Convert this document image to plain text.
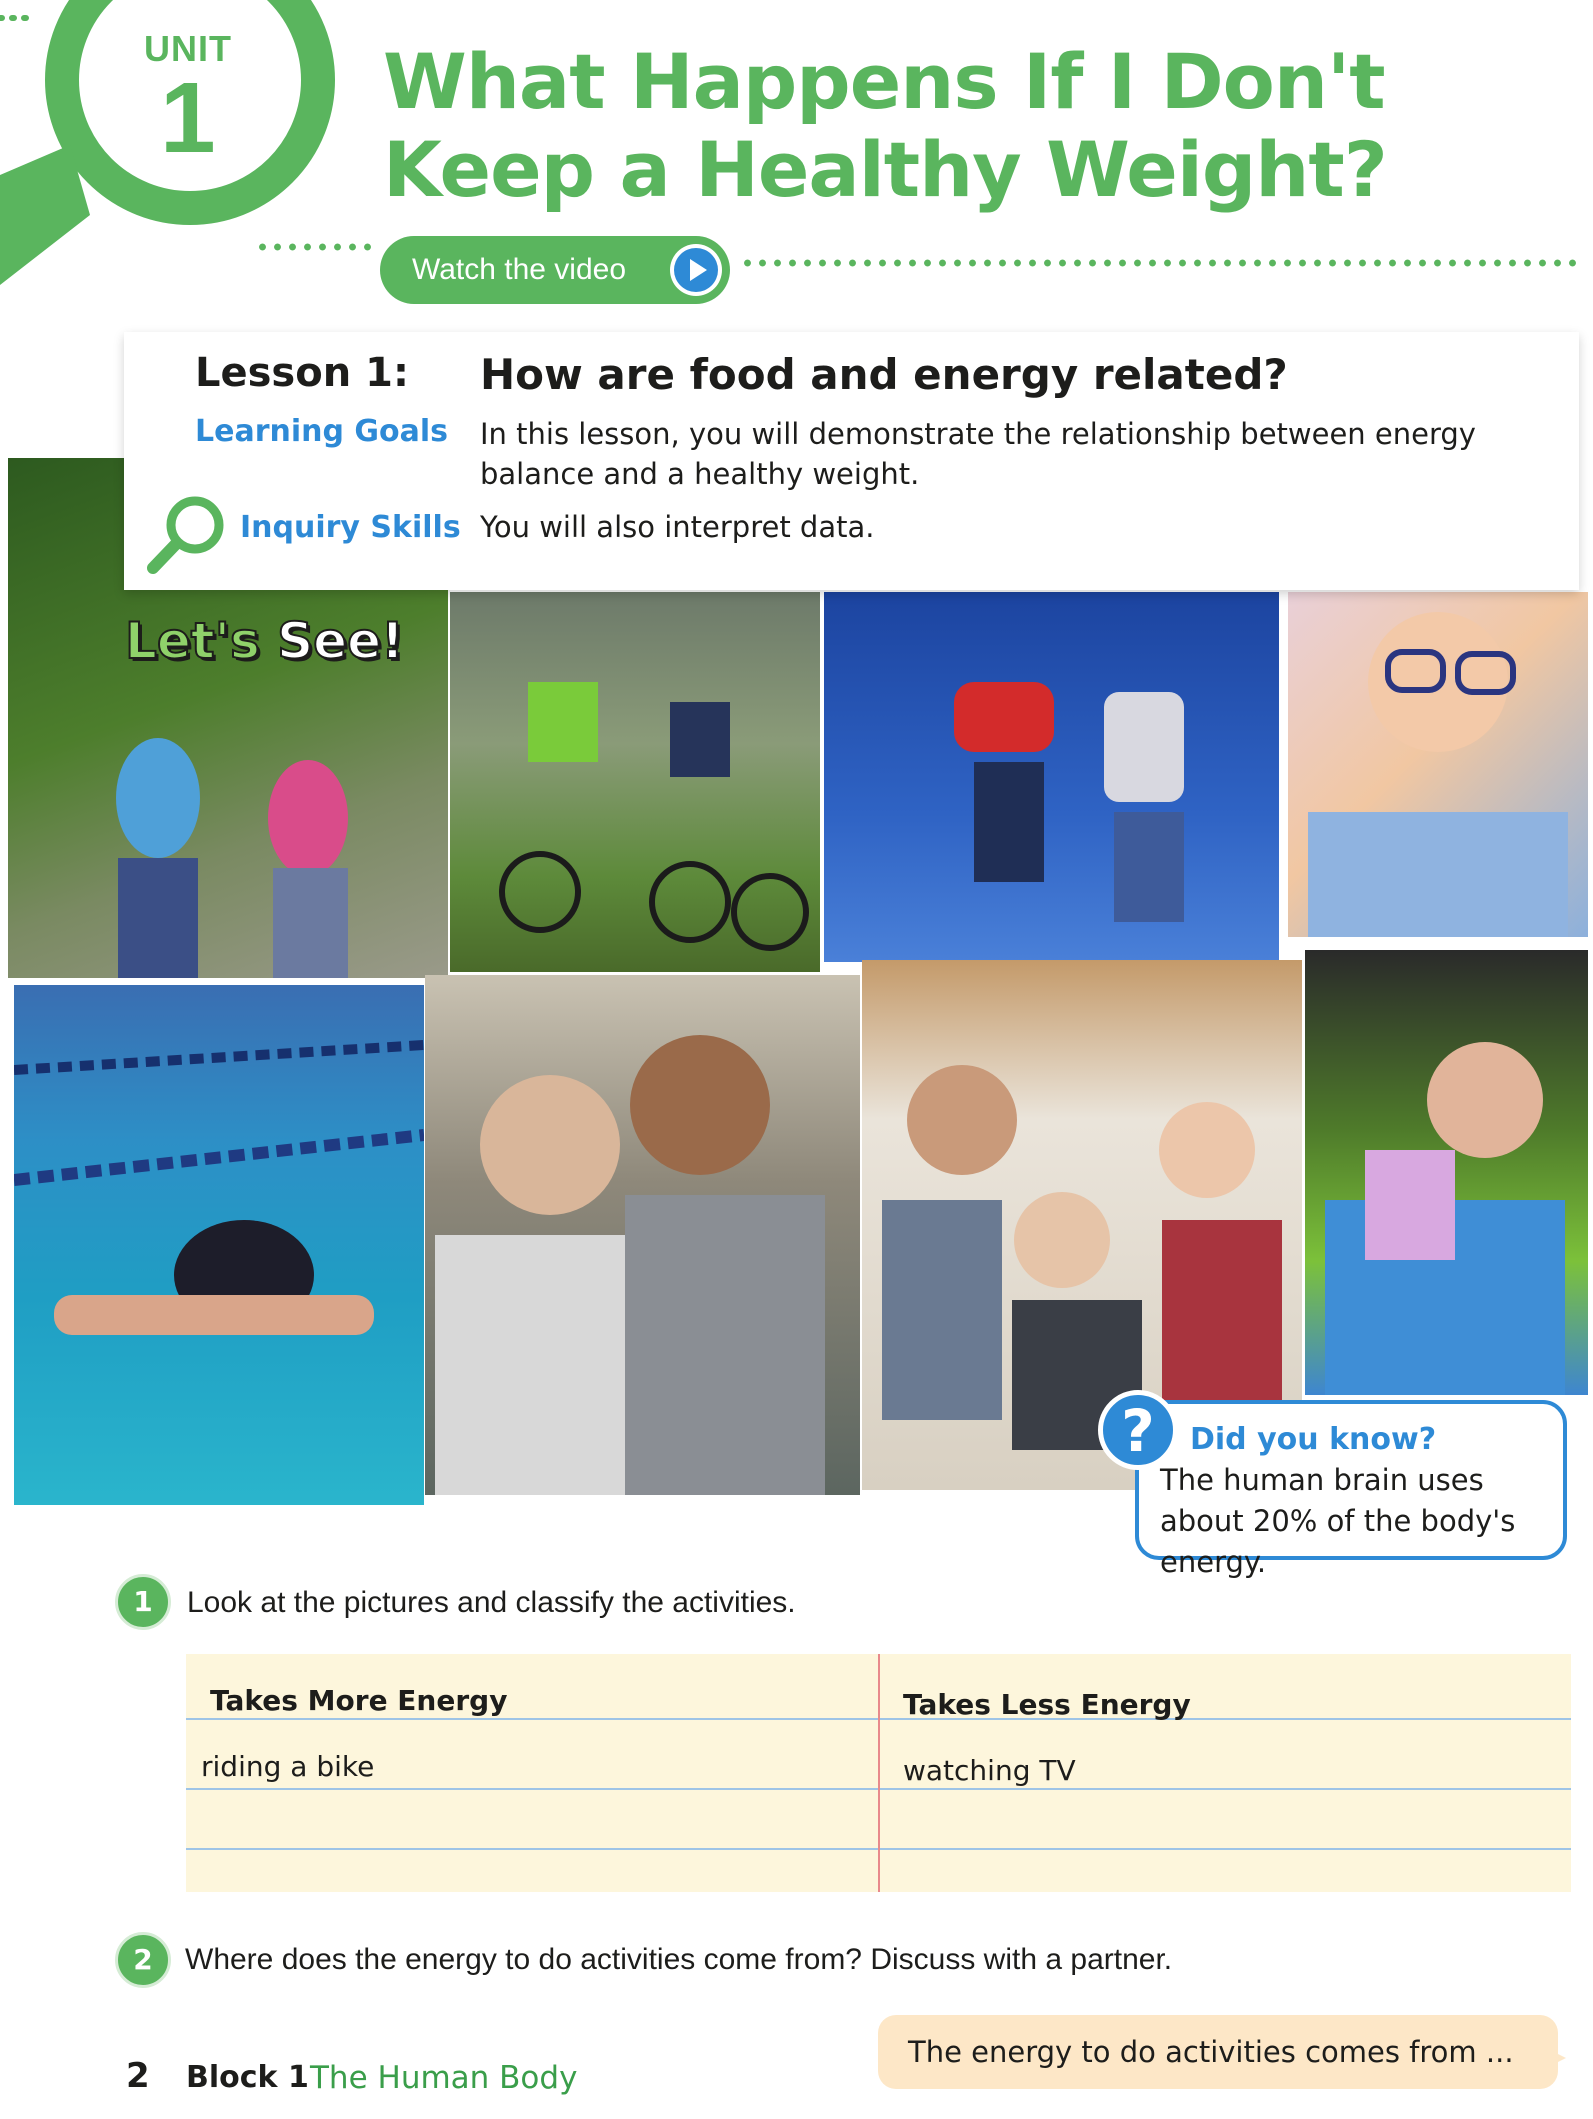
UNIT
1 What Happens If I Don't Keep a Healthy Weight?
Watch the video
Let's See!
Lesson 1: How are food and energy related?
Learning Goals In this lesson, you will demonstrate the relationship between energy balance and a healthy weight.
Inquiry Skills You will also interpret data.
?	Did you know?
The human brain uses about 20% of the body's energy.
1	Look at the pictures and classify the activities.
Takes More Energy	Takes Less Energy
riding a bike	watching TV
2	Where does the energy to do activities come from? Discuss with a partner.
The energy to do activities comes from ...
2 Block 1 The Human Body
